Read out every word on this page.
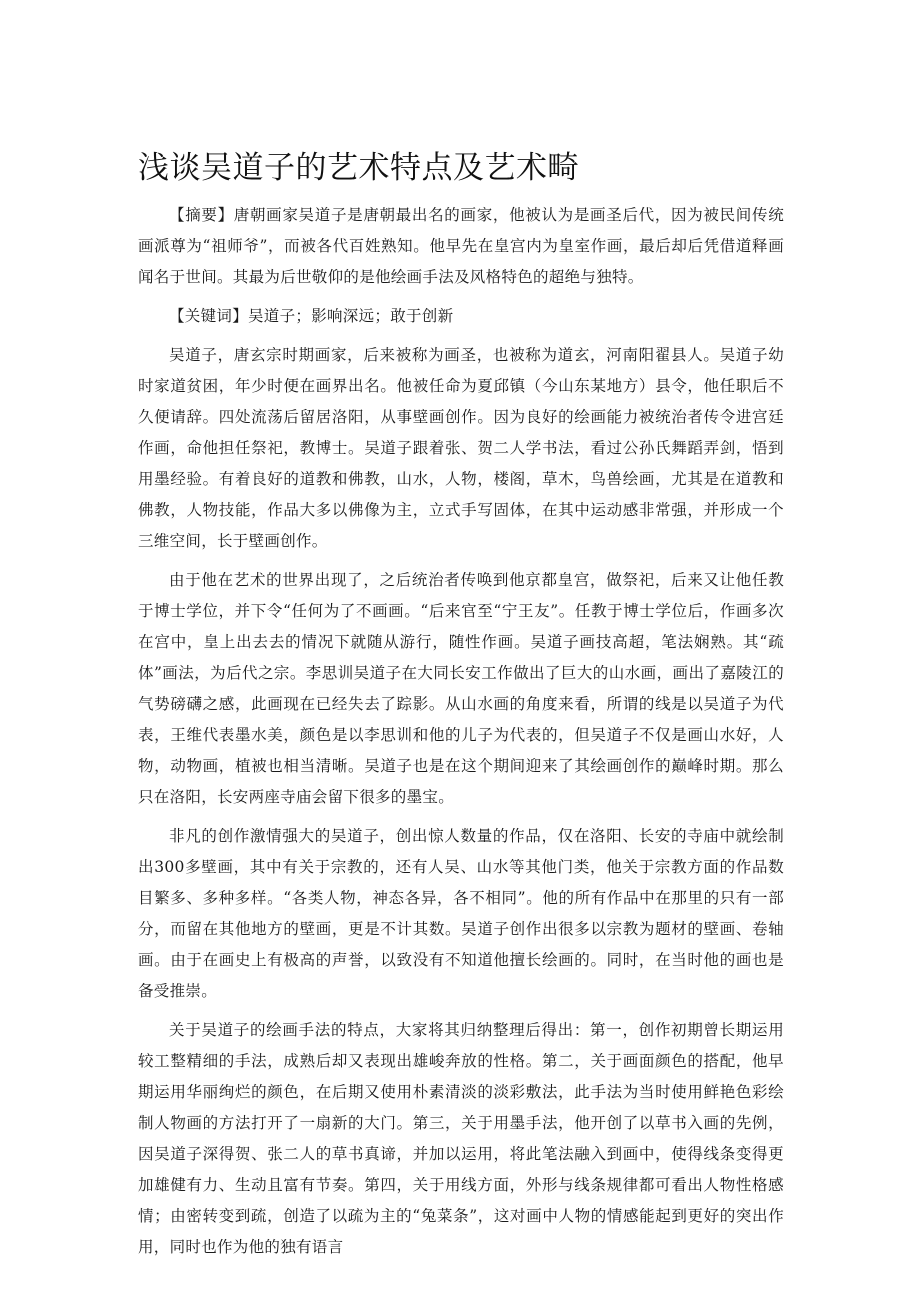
浅谈吴道子的艺术特点及艺术畸

【摘要】唐朝画家吴道子是唐朝最出名的画家，他被认为是画圣后代，因为被民间传统画派尊为“祖师爷”，而被各代百姓熟知。他早先在皇宫内为皇室作画，最后却后凭借道释画闻名于世间。其最为后世敬仰的是他绘画手法及风格特色的超绝与独特。

【关键词】吴道子；影响深远；敢于创新

吴道子，唐玄宗时期画家，后来被称为画圣，也被称为道玄，河南阳翟县人。吴道子幼时家道贫困，年少时便在画界出名。他被任命为夏邱镇（今山东某地方）县令，他任职后不久便请辞。四处流荡后留居洛阳，从事壁画创作。因为良好的绘画能力被统治者传令进宫廷作画，命他担任祭祀，教博士。吴道子跟着张、贺二人学书法，看过公孙氏舞蹈弄剑，悟到用墨经验。有着良好的道教和佛教，山水，人物，楼阁，草木，鸟兽绘画，尤其是在道教和佛教，人物技能，作品大多以佛像为主，立式手写固体，在其中运动感非常强，并形成一个三维空间，长于壁画创作。

由于他在艺术的世界出现了，之后统治者传唤到他京都皇宫，做祭祀，后来又让他任教于博士学位，并下令“任何为了不画画。“后来官至“宁王友”。任教于博士学位后，作画多次在宫中，皇上出去去的情况下就随从游行，随性作画。吴道子画技高超，笔法娴熟。其“疏体”画法，为后代之宗。李思训吴道子在大同长安工作做出了巨大的山水画，画出了嘉陵江的气势磅礴之感，此画现在已经失去了踪影。从山水画的角度来看，所谓的线是以吴道子为代表，王维代表墨水美，颜色是以李思训和他的儿子为代表的，但吴道子不仅是画山水好，人物，动物画，植被也相当清晰。吴道子也是在这个期间迎来了其绘画创作的巅峰时期。那么只在洛阳，长安两座寺庙会留下很多的墨宝。

非凡的创作激情强大的吴道子，创出惊人数量的作品，仅在洛阳、长安的寺庙中就绘制出300多壁画，其中有关于宗教的，还有人吴、山水等其他门类，他关于宗教方面的作品数目繁多、多种多样。“各类人物，神态各异，各不相同”。他的所有作品中在那里的只有一部分，而留在其他地方的壁画，更是不计其数。吴道子创作出很多以宗教为题材的壁画、卷轴画。由于在画史上有极高的声誉，以致没有不知道他擅长绘画的。同时，在当时他的画也是备受推崇。

关于吴道子的绘画手法的特点，大家将其归纳整理后得出：第一，创作初期曾长期运用较工整精细的手法，成熟后却又表现出雄峻奔放的性格。第二，关于画面颜色的搭配，他早期运用华丽绚烂的颜色，在后期又使用朴素清淡的淡彩敷法，此手法为当时使用鲜艳色彩绘制人物画的方法打开了一扇新的大门。第三，关于用墨手法，他开创了以草书入画的先例，因吴道子深得贺、张二人的草书真谛，并加以运用，将此笔法融入到画中，使得线条变得更加雄健有力、生动且富有节奏。第四，关于用线方面，外形与线条规律都可看出人物性格感情；由密转变到疏，创造了以疏为主的“兔菜条”，这对画中人物的情感能起到更好的突出作用，同时也作为他的独有语言
